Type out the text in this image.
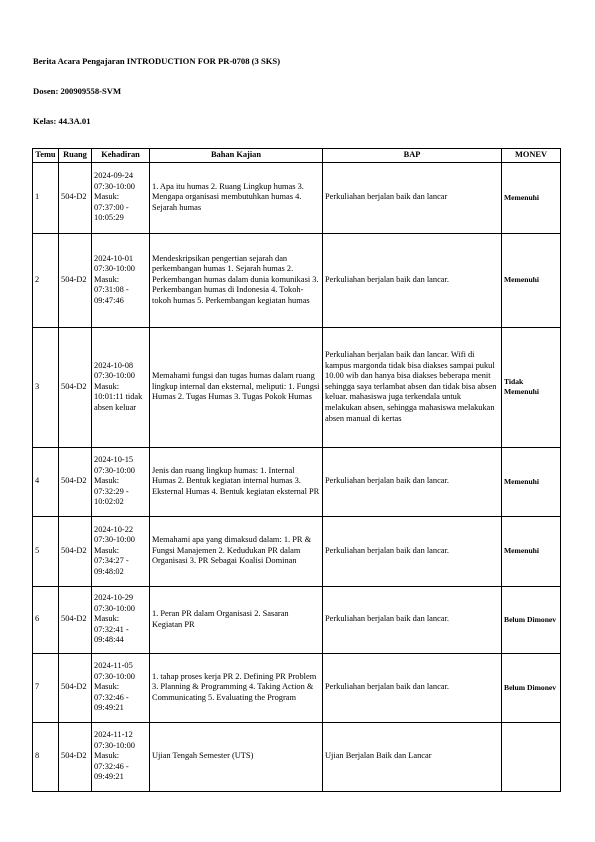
Berita Acara Pengajaran INTRODUCTION FOR PR-0708 (3 SKS)
Dosen: 200909558-SVM
Kelas: 44.3A.01
Temu	Ruang	Kehadiran	Bahan Kajian	BAP	MONEV
1	504-D2	2024-09-24 07:30-10:00 Masuk: 07:37:00 - 10:05:29	1. Apa itu humas 2. Ruang Lingkup humas 3. Mengapa organisasi membutuhkan humas 4. Sejarah humas	Perkuliahan berjalan baik dan lancar	Memenuhi
2	504-D2	2024-10-01 07:30-10:00 Masuk: 07:31:08 - 09:47:46	Mendeskripsikan pengertian sejarah dan perkembangan humas 1. Sejarah humas 2. Perkembangan humas dalam dunia komunikasi 3. Perkembangan humas di Indonesia 4. Tokoh-tokoh humas 5. Perkembangan kegiatan humas	Perkuliahan berjalan baik dan lancar.	Memenuhi
3	504-D2	2024-10-08 07:30-10:00 Masuk: 10:01:11 tidak absen keluar	Memahami fungsi dan tugas humas dalam ruang lingkup internal dan eksternal, meliputi: 1. Fungsi Humas 2. Tugas Humas 3. Tugas Pokok Humas	Perkuliahan berjalan baik dan lancar. Wifi di kampus margonda tidak bisa diakses sampai pukul 10.00 wib dan hanya bisa diakses beberapa menit sehingga saya terlambat absen dan tidak bisa absen keluar. mahasiswa juga terkendala untuk melakukan absen, sehingga mahasiswa melakukan absen manual di kertas	Tidak Memenuhi
4	504-D2	2024-10-15 07:30-10:00 Masuk: 07:32:29 - 10:02:02	Jenis dan ruang lingkup humas: 1. Internal Humas 2. Bentuk kegiatan internal humas 3. Eksternal Humas 4. Bentuk kegiatan eksternal PR	Perkuliahan berjalan baik dan lancar.	Memenuhi
5	504-D2	2024-10-22 07:30-10:00 Masuk: 07:34:27 - 09:48:02	Memahami apa yang dimaksud dalam: 1. PR & Fungsi Manajemen 2. Kedudukan PR dalam Organisasi 3. PR Sebagai Koalisi Dominan	Perkuliahan berjalan baik dan lancar.	Memenuhi
6	504-D2	2024-10-29 07:30-10:00 Masuk: 07:32:41 - 09:48:44	1. Peran PR dalam Organisasi 2. Sasaran Kegiatan PR	Perkuliahan berjalan baik dan lancar.	Belum Dimonev
7	504-D2	2024-11-05 07:30-10:00 Masuk: 07:32:46 - 09:49:21	1. tahap proses kerja PR 2. Defining PR Problem 3. Planning & Programming 4. Taking Action & Communicating 5. Evaluating the Program	Perkuliahan berjalan baik dan lancar.	Belum Dimonev
8	504-D2	2024-11-12 07:30-10:00 Masuk: 07:32:46 - 09:49:21	Ujian Tengah Semester (UTS)	Ujian Berjalan Baik dan Lancar	
